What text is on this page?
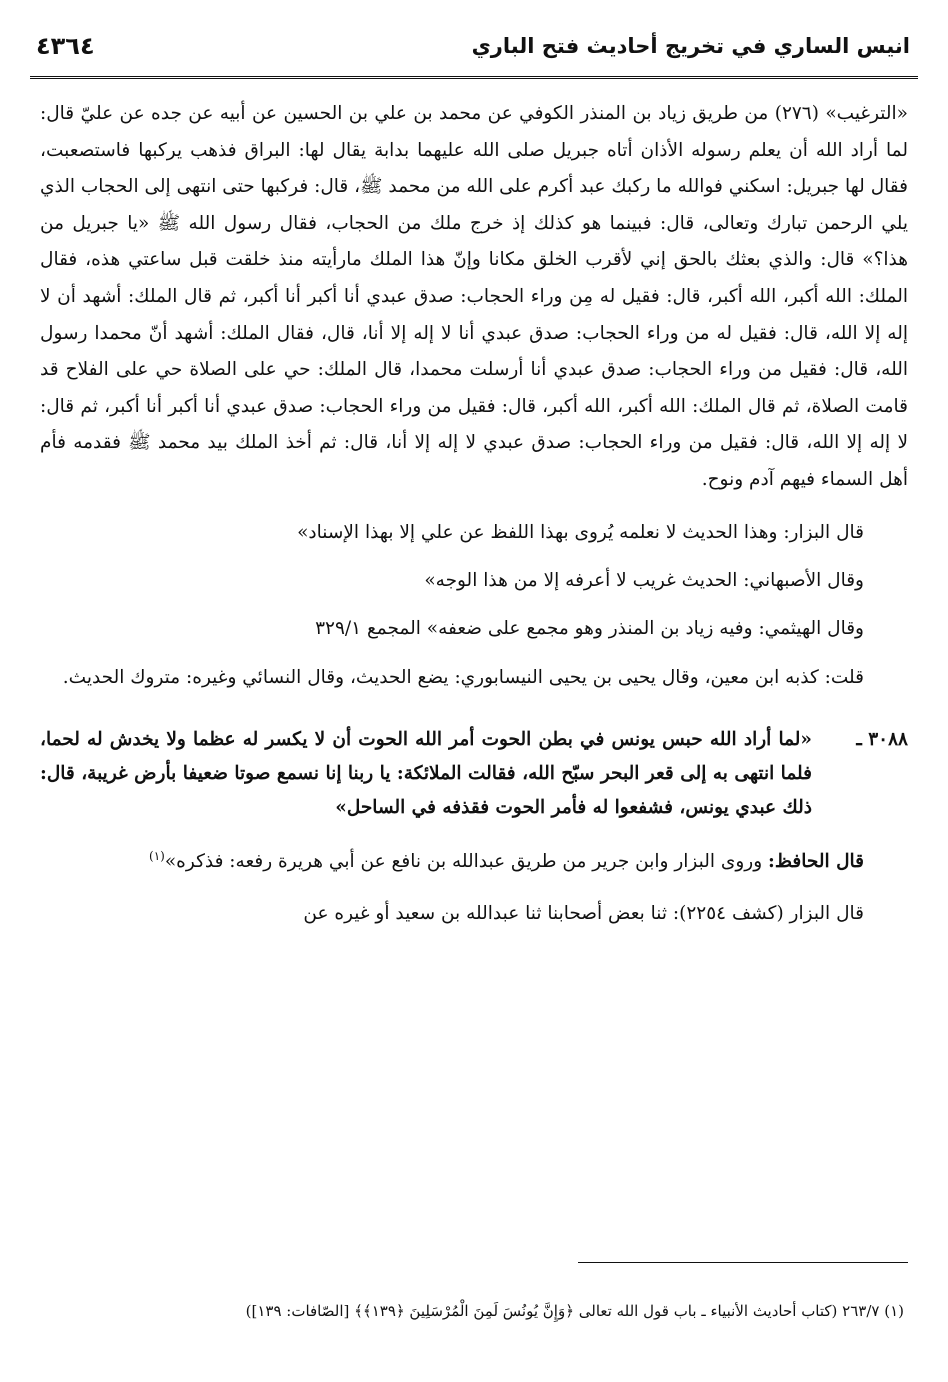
انيس الساري في تخريج أحاديث فتح الباري
٤٣٦٤

«الترغيب» (٢٧٦) من طريق زياد بن المنذر الكوفي عن محمد بن علي بن الحسين عن أبيه عن جده عن عليّ قال: لما أراد الله أن يعلم رسوله الأذان أتاه جبريل صلى الله عليهما بدابة يقال لها: البراق فذهب يركبها فاستصعبت، فقال لها جبريل: اسكني فوالله ما ركبك عبد أكرم على الله من محمد ﷺ، قال: فركبها حتى انتهى إلى الحجاب الذي يلي الرحمن تبارك وتعالى، قال: فبينما هو كذلك إذ خرج ملك من الحجاب، فقال رسول الله ﷺ «يا جبريل من هذا؟» قال: والذي بعثك بالحق إني لأقرب الخلق مكانا وإنّ هذا الملك مارأيته منذ خلقت قبل ساعتي هذه، فقال الملك: الله أكبر، الله أكبر، قال: فقيل له مِن وراء الحجاب: صدق عبدي أنا أكبر أنا أكبر، ثم قال الملك: أشهد أن لا إله إلا الله، قال: فقيل له من وراء الحجاب: صدق عبدي أنا لا إله إلا أنا، قال، فقال الملك: أشهد أنّ محمدا رسول الله، قال: فقيل من وراء الحجاب: صدق عبدي أنا أرسلت محمدا، قال الملك: حي على الصلاة حي على الفلاح قد قامت الصلاة، ثم قال الملك: الله أكبر، الله أكبر، قال: فقيل من وراء الحجاب: صدق عبدي أنا أكبر أنا أكبر، ثم قال: لا إله إلا الله، قال: فقيل من وراء الحجاب: صدق عبدي لا إله إلا أنا، قال: ثم أخذ الملك بيد محمد ﷺ فقدمه فأم أهل السماء فيهم آدم ونوح.

قال البزار: وهذا الحديث لا نعلمه يُروى بهذا اللفظ عن علي إلا بهذا الإسناد»

وقال الأصبهاني: الحديث غريب لا أعرفه إلا من هذا الوجه»

وقال الهيثمي: وفيه زياد بن المنذر وهو مجمع على ضعفه» المجمع ٣٢٩/١

قلت: كذبه ابن معين، وقال يحيى بن يحيى النيسابوري: يضع الحديث، وقال النسائي وغيره: متروك الحديث.

٣٠٨٨ ـ
«لما أراد الله حبس يونس في بطن الحوت أمر الله الحوت أن لا يكسر له عظما ولا يخدش له لحما، فلما انتهى به إلى قعر البحر سبّح الله، فقالت الملائكة: يا ربنا إنا نسمع صوتا ضعيفا بأرض غريبة، قال: ذلك عبدي يونس، فشفعوا له فأمر الحوت فقذفه في الساحل»

قال الحافظ: وروى البزار وابن جرير من طريق عبدالله بن نافع عن أبي هريرة رفعه: فذكره»$^{(١)}$

قال البزار (كشف ٢٢٥٤): ثنا بعض أصحابنا ثنا عبدالله بن سعيد أو غيره عن

(١) ٢٦٣/٧ (كتاب أحاديث الأنبياء ـ باب قول الله تعالى ﴿وَإِنَّ يُونُسَ لَمِنَ الْمُرْسَلِينَ ﴿١٣٩﴾﴾ [الصّافات: ١٣٩])
